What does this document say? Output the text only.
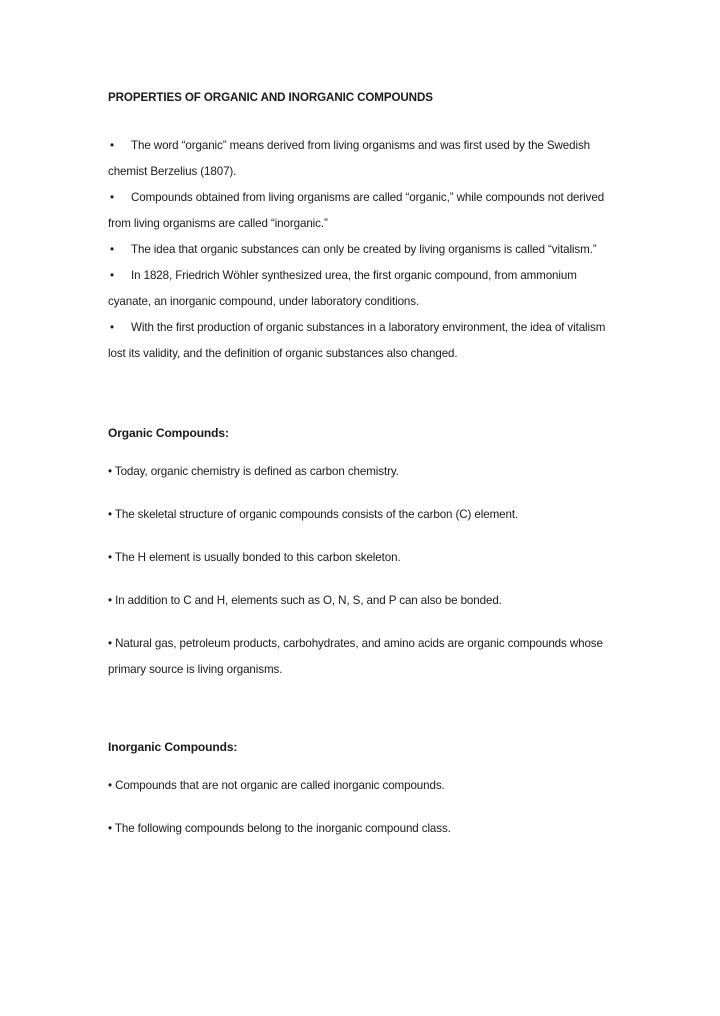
PROPERTIES OF ORGANIC AND INORGANIC COMPOUNDS
• The word “organic” means derived from living organisms and was first used by the Swedish chemist Berzelius (1807).
• Compounds obtained from living organisms are called “organic,” while compounds not derived from living organisms are called “inorganic.”
• The idea that organic substances can only be created by living organisms is called “vitalism.”
• In 1828, Friedrich Wöhler synthesized urea, the first organic compound, from ammonium cyanate, an inorganic compound, under laboratory conditions.
• With the first production of organic substances in a laboratory environment, the idea of vitalism lost its validity, and the definition of organic substances also changed.
Organic Compounds:
• Today, organic chemistry is defined as carbon chemistry.
• The skeletal structure of organic compounds consists of the carbon (C) element.
• The H element is usually bonded to this carbon skeleton.
• In addition to C and H, elements such as O, N, S, and P can also be bonded.
• Natural gas, petroleum products, carbohydrates, and amino acids are organic compounds whose primary source is living organisms.
Inorganic Compounds:
• Compounds that are not organic are called inorganic compounds.
• The following compounds belong to the inorganic compound class.
